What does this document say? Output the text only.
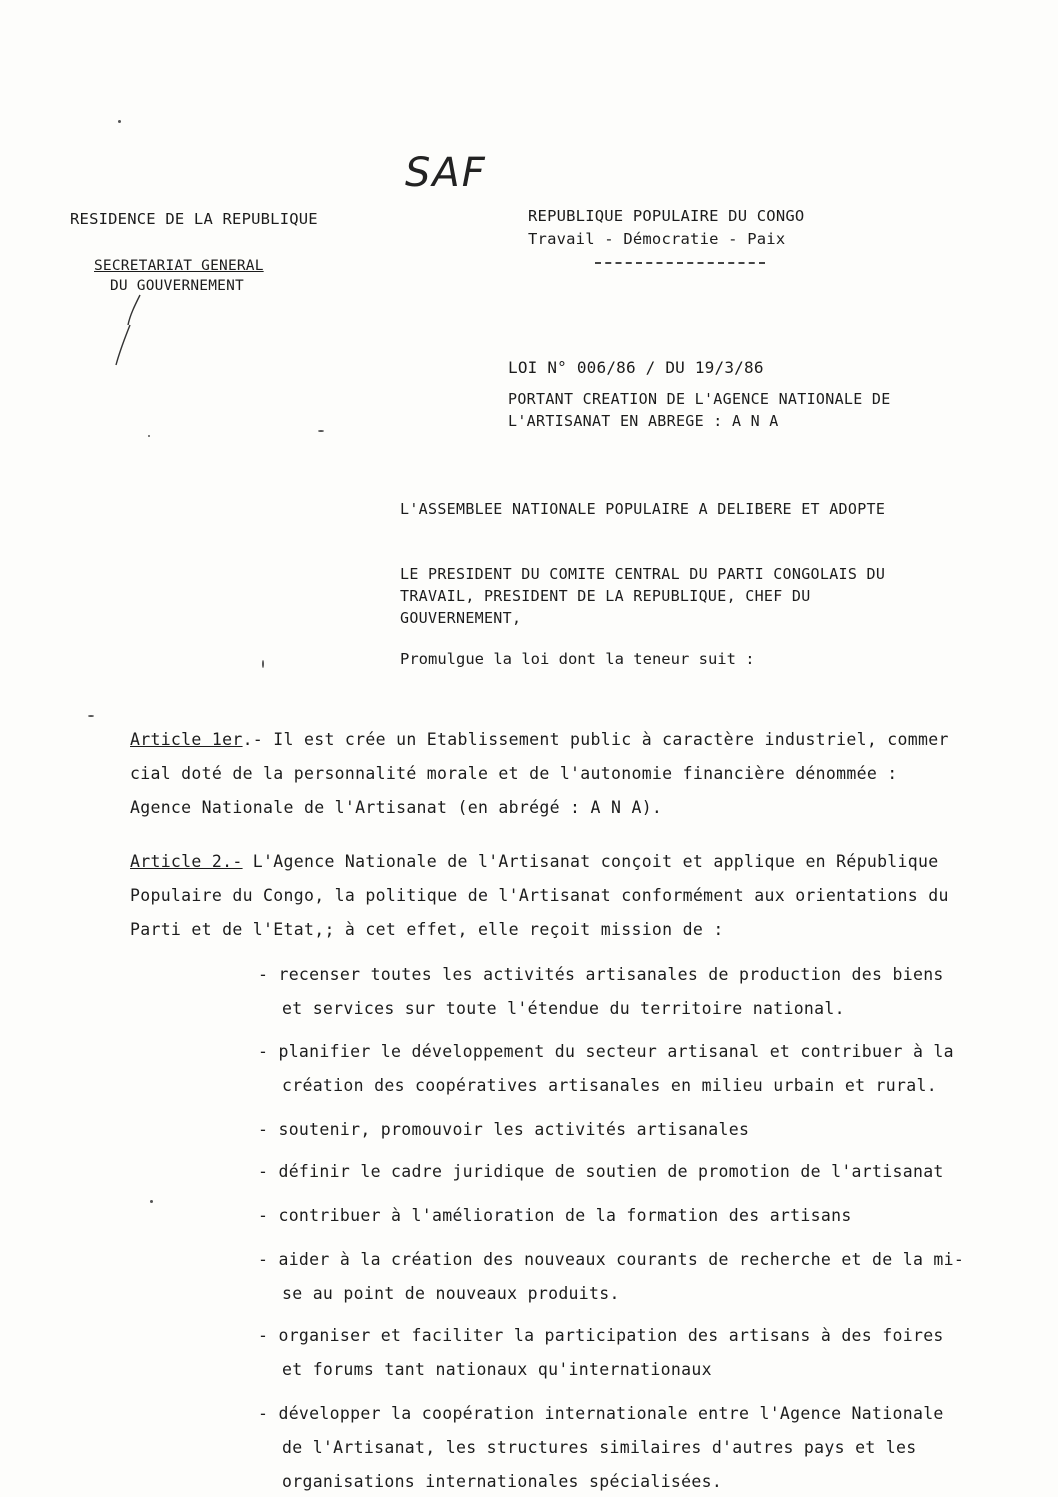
SAF
RESIDENCE DE LA REPUBLIQUE
SECRETARIAT GENERAL
DU GOUVERNEMENT
REPUBLIQUE POPULAIRE DU CONGO
Travail - Démocratie - Paix
LOI N° 006/86 / DU 19/3/86
PORTANT CREATION DE L'AGENCE NATIONALE DE
L'ARTISANAT EN ABREGE : A N A
L'ASSEMBLEE NATIONALE POPULAIRE A DELIBERE ET ADOPTE
LE PRESIDENT DU COMITE CENTRAL DU PARTI CONGOLAIS DU
TRAVAIL, PRESIDENT DE LA REPUBLIQUE, CHEF DU
GOUVERNEMENT,
Promulgue la loi dont la teneur suit :
Article 1er.- Il est crée un Etablissement public à caractère industriel, commer
cial doté de la personnalité morale et de l'autonomie financière dénommée :
Agence Nationale de l'Artisanat (en abrégé : A N A).
Article 2.- L'Agence Nationale de l'Artisanat conçoit et applique en République
Populaire du Congo, la politique de l'Artisanat conformément aux orientations du
Parti et de l'Etat,; à cet effet, elle reçoit mission de :
- recenser toutes les activités artisanales de production des biens
et services sur toute l'étendue du territoire national.
- planifier le développement du secteur artisanal et contribuer à la
création des coopératives artisanales en milieu urbain et rural.
- soutenir, promouvoir les activités artisanales
- définir le cadre juridique de soutien de promotion de l'artisanat
- contribuer à l'amélioration de la formation des artisans
- aider à la création des nouveaux courants de recherche et de la mi-
se au point de nouveaux produits.
- organiser et faciliter la participation des artisans à des foires
et forums tant nationaux qu'internationaux
- développer la coopération internationale entre l'Agence Nationale
de l'Artisanat, les structures similaires d'autres pays et les
organisations internationales spécialisées.
